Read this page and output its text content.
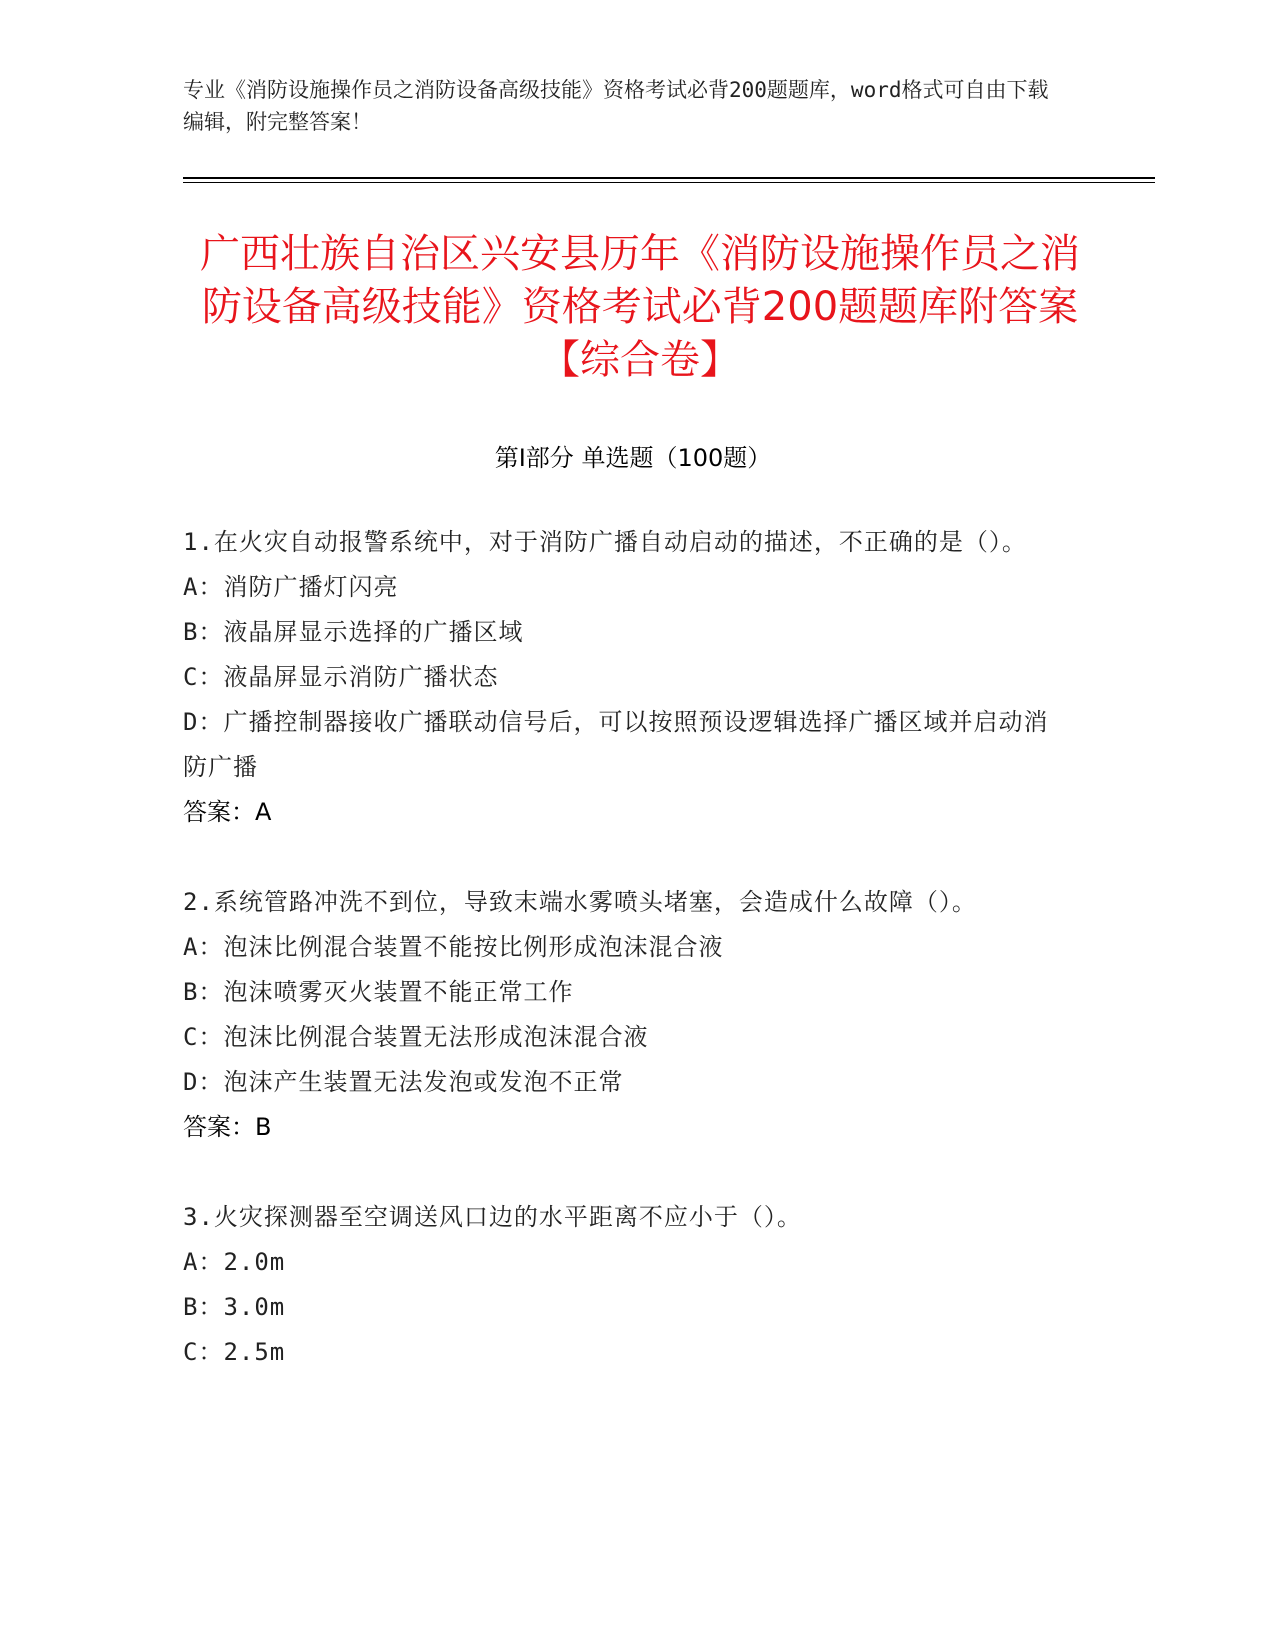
专业《消防设施操作员之消防设备高级技能》资格考试必背200题题库，word格式可自由下载编辑，附完整答案！
广西壮族自治区兴安县历年《消防设施操作员之消防设备高级技能》资格考试必背200题题库附答案【综合卷】
第Ⅰ部分 单选题（100题）
1.在火灾自动报警系统中，对于消防广播自动启动的描述，不正确的是（）。
A：消防广播灯闪亮
B：液晶屏显示选择的广播区域
C：液晶屏显示消防广播状态
D：广播控制器接收广播联动信号后，可以按照预设逻辑选择广播区域并启动消防广播
答案：A
2.系统管路冲洗不到位，导致末端水雾喷头堵塞，会造成什么故障（）。
A：泡沫比例混合装置不能按比例形成泡沫混合液
B：泡沫喷雾灭火装置不能正常工作
C：泡沫比例混合装置无法形成泡沫混合液
D：泡沫产生装置无法发泡或发泡不正常
答案：B
3.火灾探测器至空调送风口边的水平距离不应小于（）。
A：2.0m
B：3.0m
C：2.5m
